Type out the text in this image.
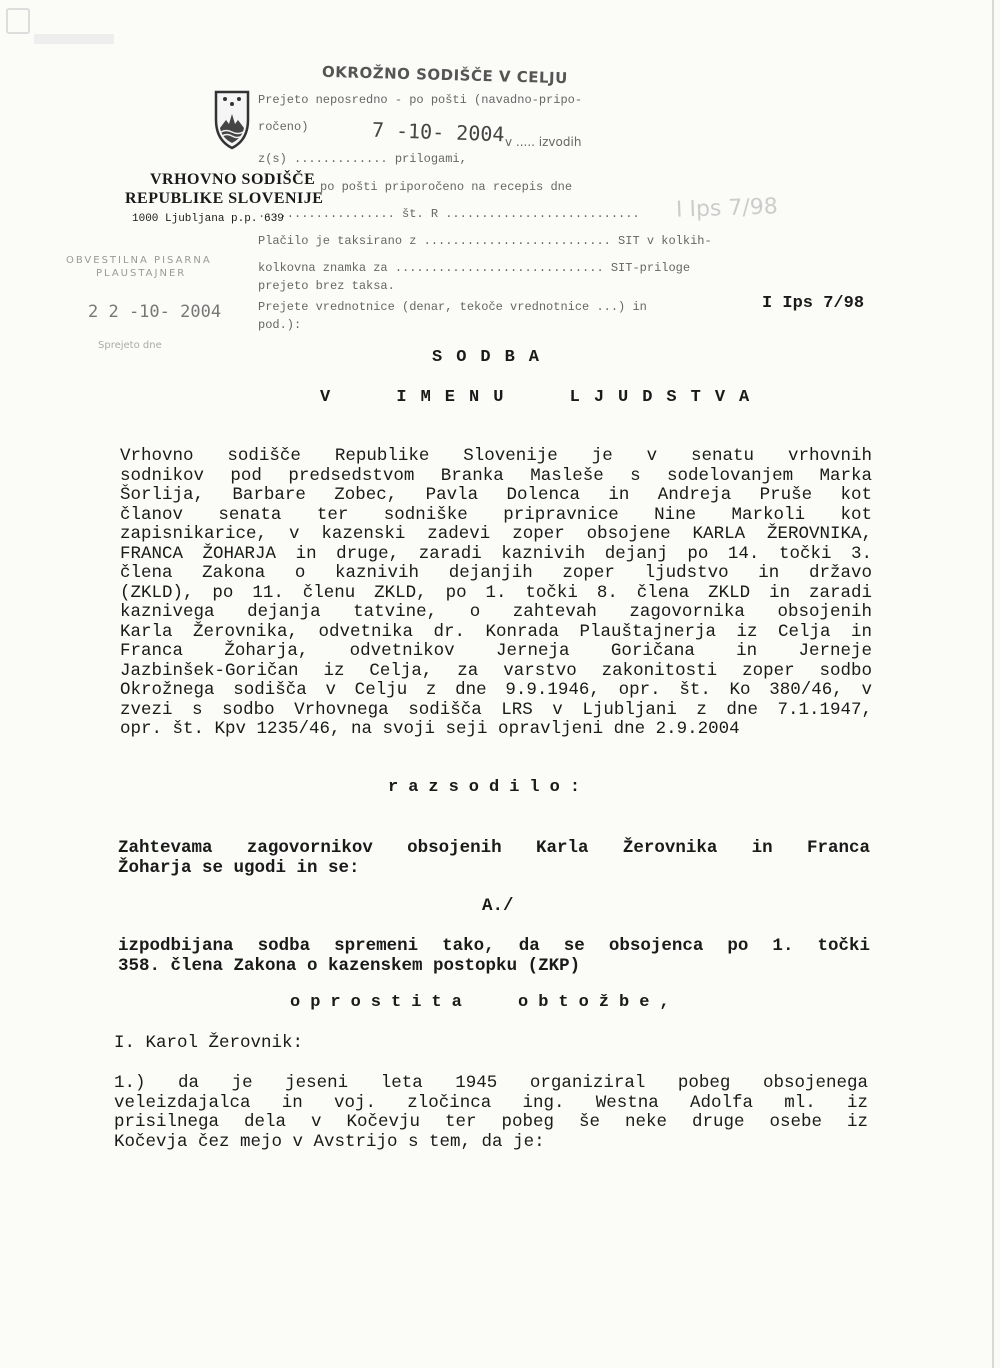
OKROŽNO SODIŠČE V CELJU
Prejeto neposredno - po pošti (navadno-pripo-
ročeno)	7 -10- 2004 v ..... izvodih
z(s) ............. prilogami,
po pošti priporočeno na recepis dne
................... št. R ...........................
Plačilo je taksirano z .......................... SIT v kolkih-
kolkovna znamka za ............................. SIT-priloge
prejeto brez taksa.
Prejete vrednotnice (denar, tekoče vrednotnice ...) in
pod.):
VRHOVNO SODIŠČE
REPUBLIKE SLOVENIJE
1000 Ljubljana p.p. 639
OBVESTILNA PISARNA
PLAUSTAJNER
2 2 -10- 2004
Sprejeto dne
I Ips 7/98
I Ips 7/98
SODBA
V IMENU LJUDSTVA
Vrhovno sodišče Republike Slovenije je v senatu vrhovnih
sodnikov pod predsedstvom Branka Masleše s sodelovanjem Marka
Šorlija, Barbare Zobec, Pavla Dolenca in Andreja Pruše kot
članov senata ter sodniške pripravnice Nine Markoli kot
zapisnikarice, v kazenski zadevi zoper obsojene KARLA ŽEROVNIKA,
FRANCA ŽOHARJA in druge, zaradi kaznivih dejanj po 14. točki 3.
člena Zakona o kaznivih dejanjih zoper ljudstvo in državo
(ZKLD), po 11. členu ZKLD, po 1. točki 8. člena ZKLD in zaradi
kaznivega dejanja tatvine, o zahtevah zagovornika obsojenih
Karla Žerovnika, odvetnika dr. Konrada Plauštajnerja iz Celja in
Franca Žoharja, odvetnikov Jerneja Goričana in Jerneje
Jazbinšek-Goričan iz Celja, za varstvo zakonitosti zoper sodbo
Okrožnega sodišča v Celju z dne 9.9.1946, opr. št. Ko 380/46, v
zvezi s sodbo Vrhovnega sodišča LRS v Ljubljani z dne 7.1.1947,
opr. št. Kpv 1235/46, na svoji seji opravljeni dne 2.9.2004
razsodilo:
Zahtevama zagovornikov obsojenih Karla Žerovnika in Franca
Žoharja se ugodi in se:
A./
izpodbijana sodba spremeni tako, da se obsojenca po 1. točki
358. člena Zakona o kazenskem postopku (ZKP)
oprostita obtožbe,
I. Karol Žerovnik:
1.) da je jeseni leta 1945 organiziral pobeg obsojenega
veleizdajalca in voj. zločinca ing. Westna Adolfa ml. iz
prisilnega dela v Kočevju ter pobeg še neke druge osebe iz
Kočevja čez mejo v Avstrijo s tem, da je:
